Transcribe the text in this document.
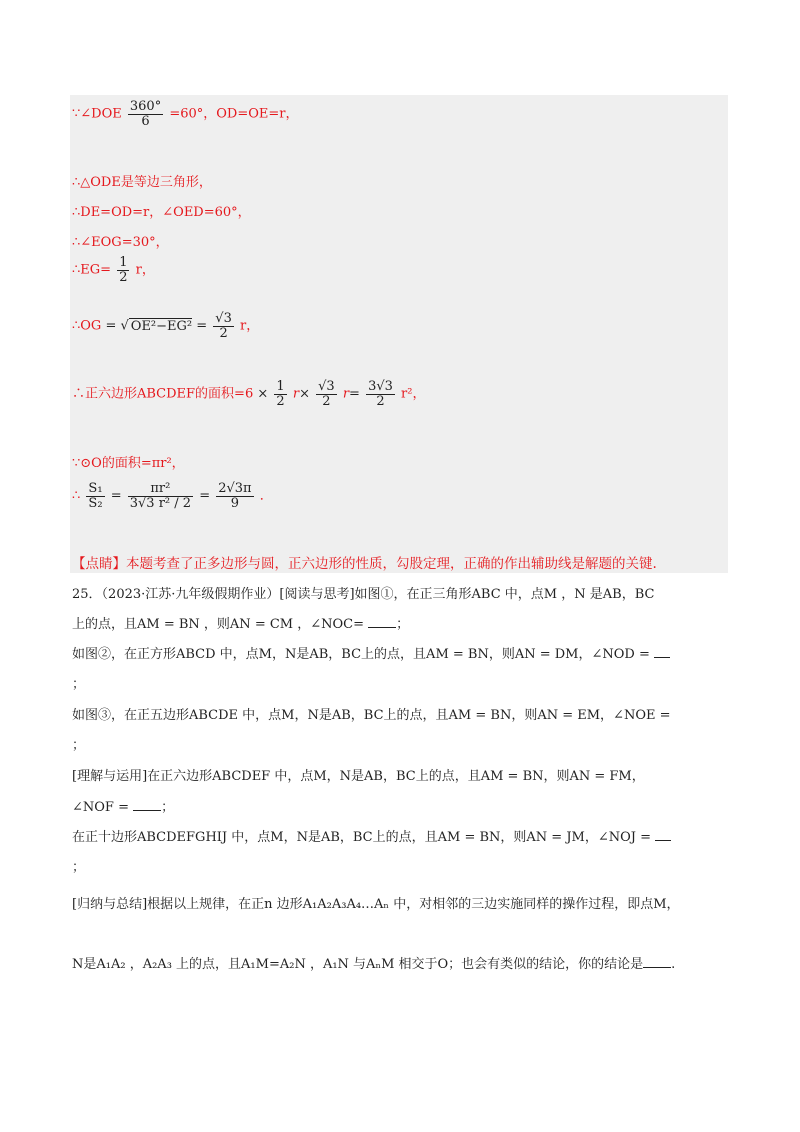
∵∠DOE $\frac{360^\circ}{6} =60^\circ$，OD=OE=r，
∴△ODE是等边三角形，
∴DE=OD=r，∠OED=60°，
∴∠EOG=30°，
∴EG= $\frac{1}{2}$ r，
∴OG = √ $OE^2-EG^2 = \frac{√3}{2}$ r，
∴正六边形ABCDEF的面积$=6 \times \frac{1}{2} r\times \frac{√3}{2} r= \frac{3√3}{2} r^2$，
∵⊙O的面积=πr²，
∴ $\frac{\text{S₁}}{\text{S₂}} = \frac{\text{πr²}}{\text{3√3 r² / 2}} = \frac{2√3\pi}{9}$ ．
【点睛】本题考查了正多边形与圆，正六边形的性质，勾股定理，正确的作出辅助线是解题的关键.
25．（2023·江苏·九年级假期作业）[阅读与思考]如图①，在正三角形ABC 中，点M ，N 是AB，BC
上的点，且AM = BN ，则AN = CM ，∠NOC= ；
如图②，在正方形ABCD 中，点M，N是AB，BC上的点，且AM = BN，则AN = DM，∠NOD =
；
如图③，在正五边形ABCDE 中，点M，N是AB，BC上的点，且AM = BN，则AN = EM，∠NOE =
；
[理解与运用]在正六边形ABCDEF 中，点M，N是AB，BC上的点，且AM = BN，则AN = FM，
∠NOF = ；
在正十边形ABCDEFGHIJ 中，点M，N是AB，BC上的点，且AM = BN，则AN = JM，∠NOJ =
；
[归纳与总结]根据以上规律，在正n 边形A₁A₂A₃A₄…Aₙ 中，对相邻的三边实施同样的操作过程，即点M，
N是A₁A₂ ，A₂A₃ 上的点，且A₁M=A₂N ，A₁N 与AₙM 相交于O；也会有类似的结论，你的结论是 .
